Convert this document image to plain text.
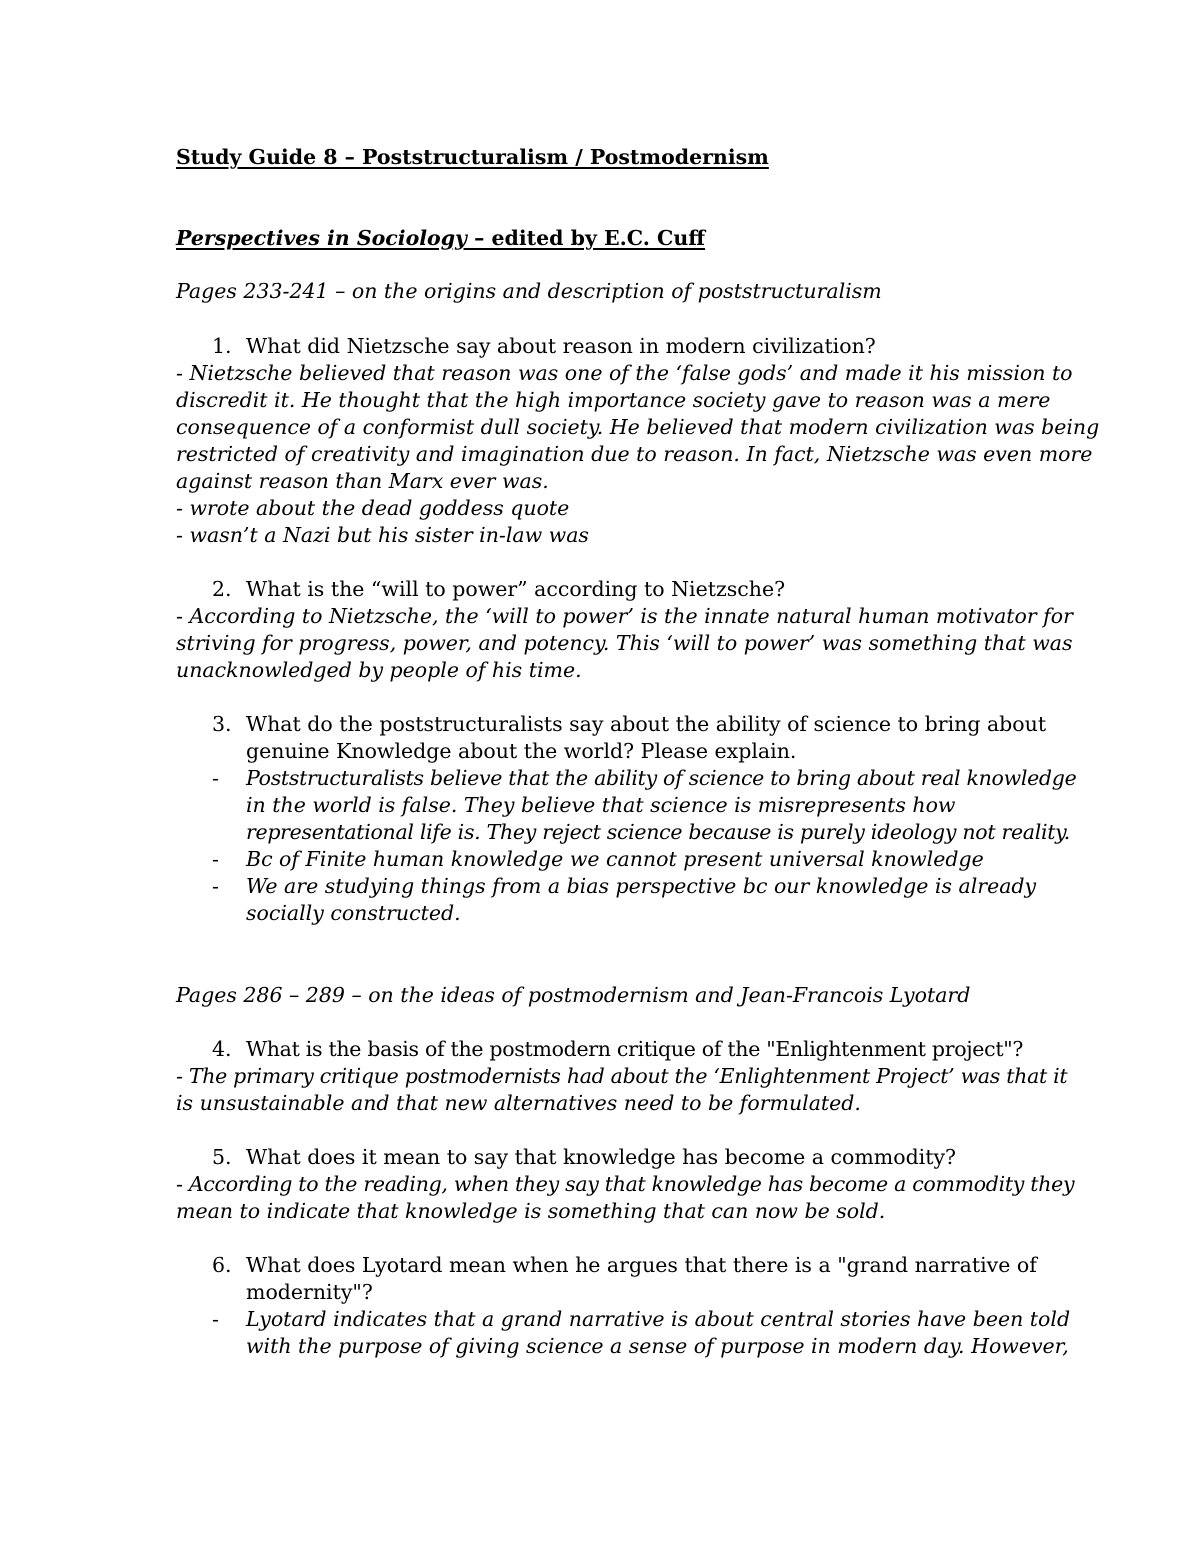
Study Guide 8 – Poststructuralism / Postmodernism
Perspectives in Sociology – edited by E.C. Cuff
Pages 233-241 – on the origins and description of poststructuralism
1. What did Nietzsche say about reason in modern civilization?
- Nietzsche believed that reason was one of the ‘false gods’ and made it his mission to
discredit it. He thought that the high importance society gave to reason was a mere
consequence of a conformist dull society. He believed that modern civilization was being
restricted of creativity and imagination due to reason. In fact, Nietzsche was even more
against reason than Marx ever was.
- wrote about the dead goddess quote
- wasn’t a Nazi but his sister in-law was
2. What is the “will to power” according to Nietzsche?
- According to Nietzsche, the ‘will to power’ is the innate natural human motivator for
striving for progress, power, and potency. This ‘will to power’ was something that was
unacknowledged by people of his time.
3. What do the poststructuralists say about the ability of science to bring about
genuine Knowledge about the world? Please explain.
- Poststructuralists believe that the ability of science to bring about real knowledge
in the world is false. They believe that science is misrepresents how
representational life is. They reject science because is purely ideology not reality.
- Bc of Finite human knowledge we cannot present universal knowledge
- We are studying things from a bias perspective bc our knowledge is already
socially constructed.
Pages 286 – 289 – on the ideas of postmodernism and Jean-Francois Lyotard
4. What is the basis of the postmodern critique of the "Enlightenment project"?
- The primary critique postmodernists had about the ‘Enlightenment Project’ was that it
is unsustainable and that new alternatives need to be formulated.
5. What does it mean to say that knowledge has become a commodity?
- According to the reading, when they say that knowledge has become a commodity they
mean to indicate that knowledge is something that can now be sold.
6. What does Lyotard mean when he argues that there is a "grand narrative of
modernity"?
- Lyotard indicates that a grand narrative is about central stories have been told
with the purpose of giving science a sense of purpose in modern day. However,
